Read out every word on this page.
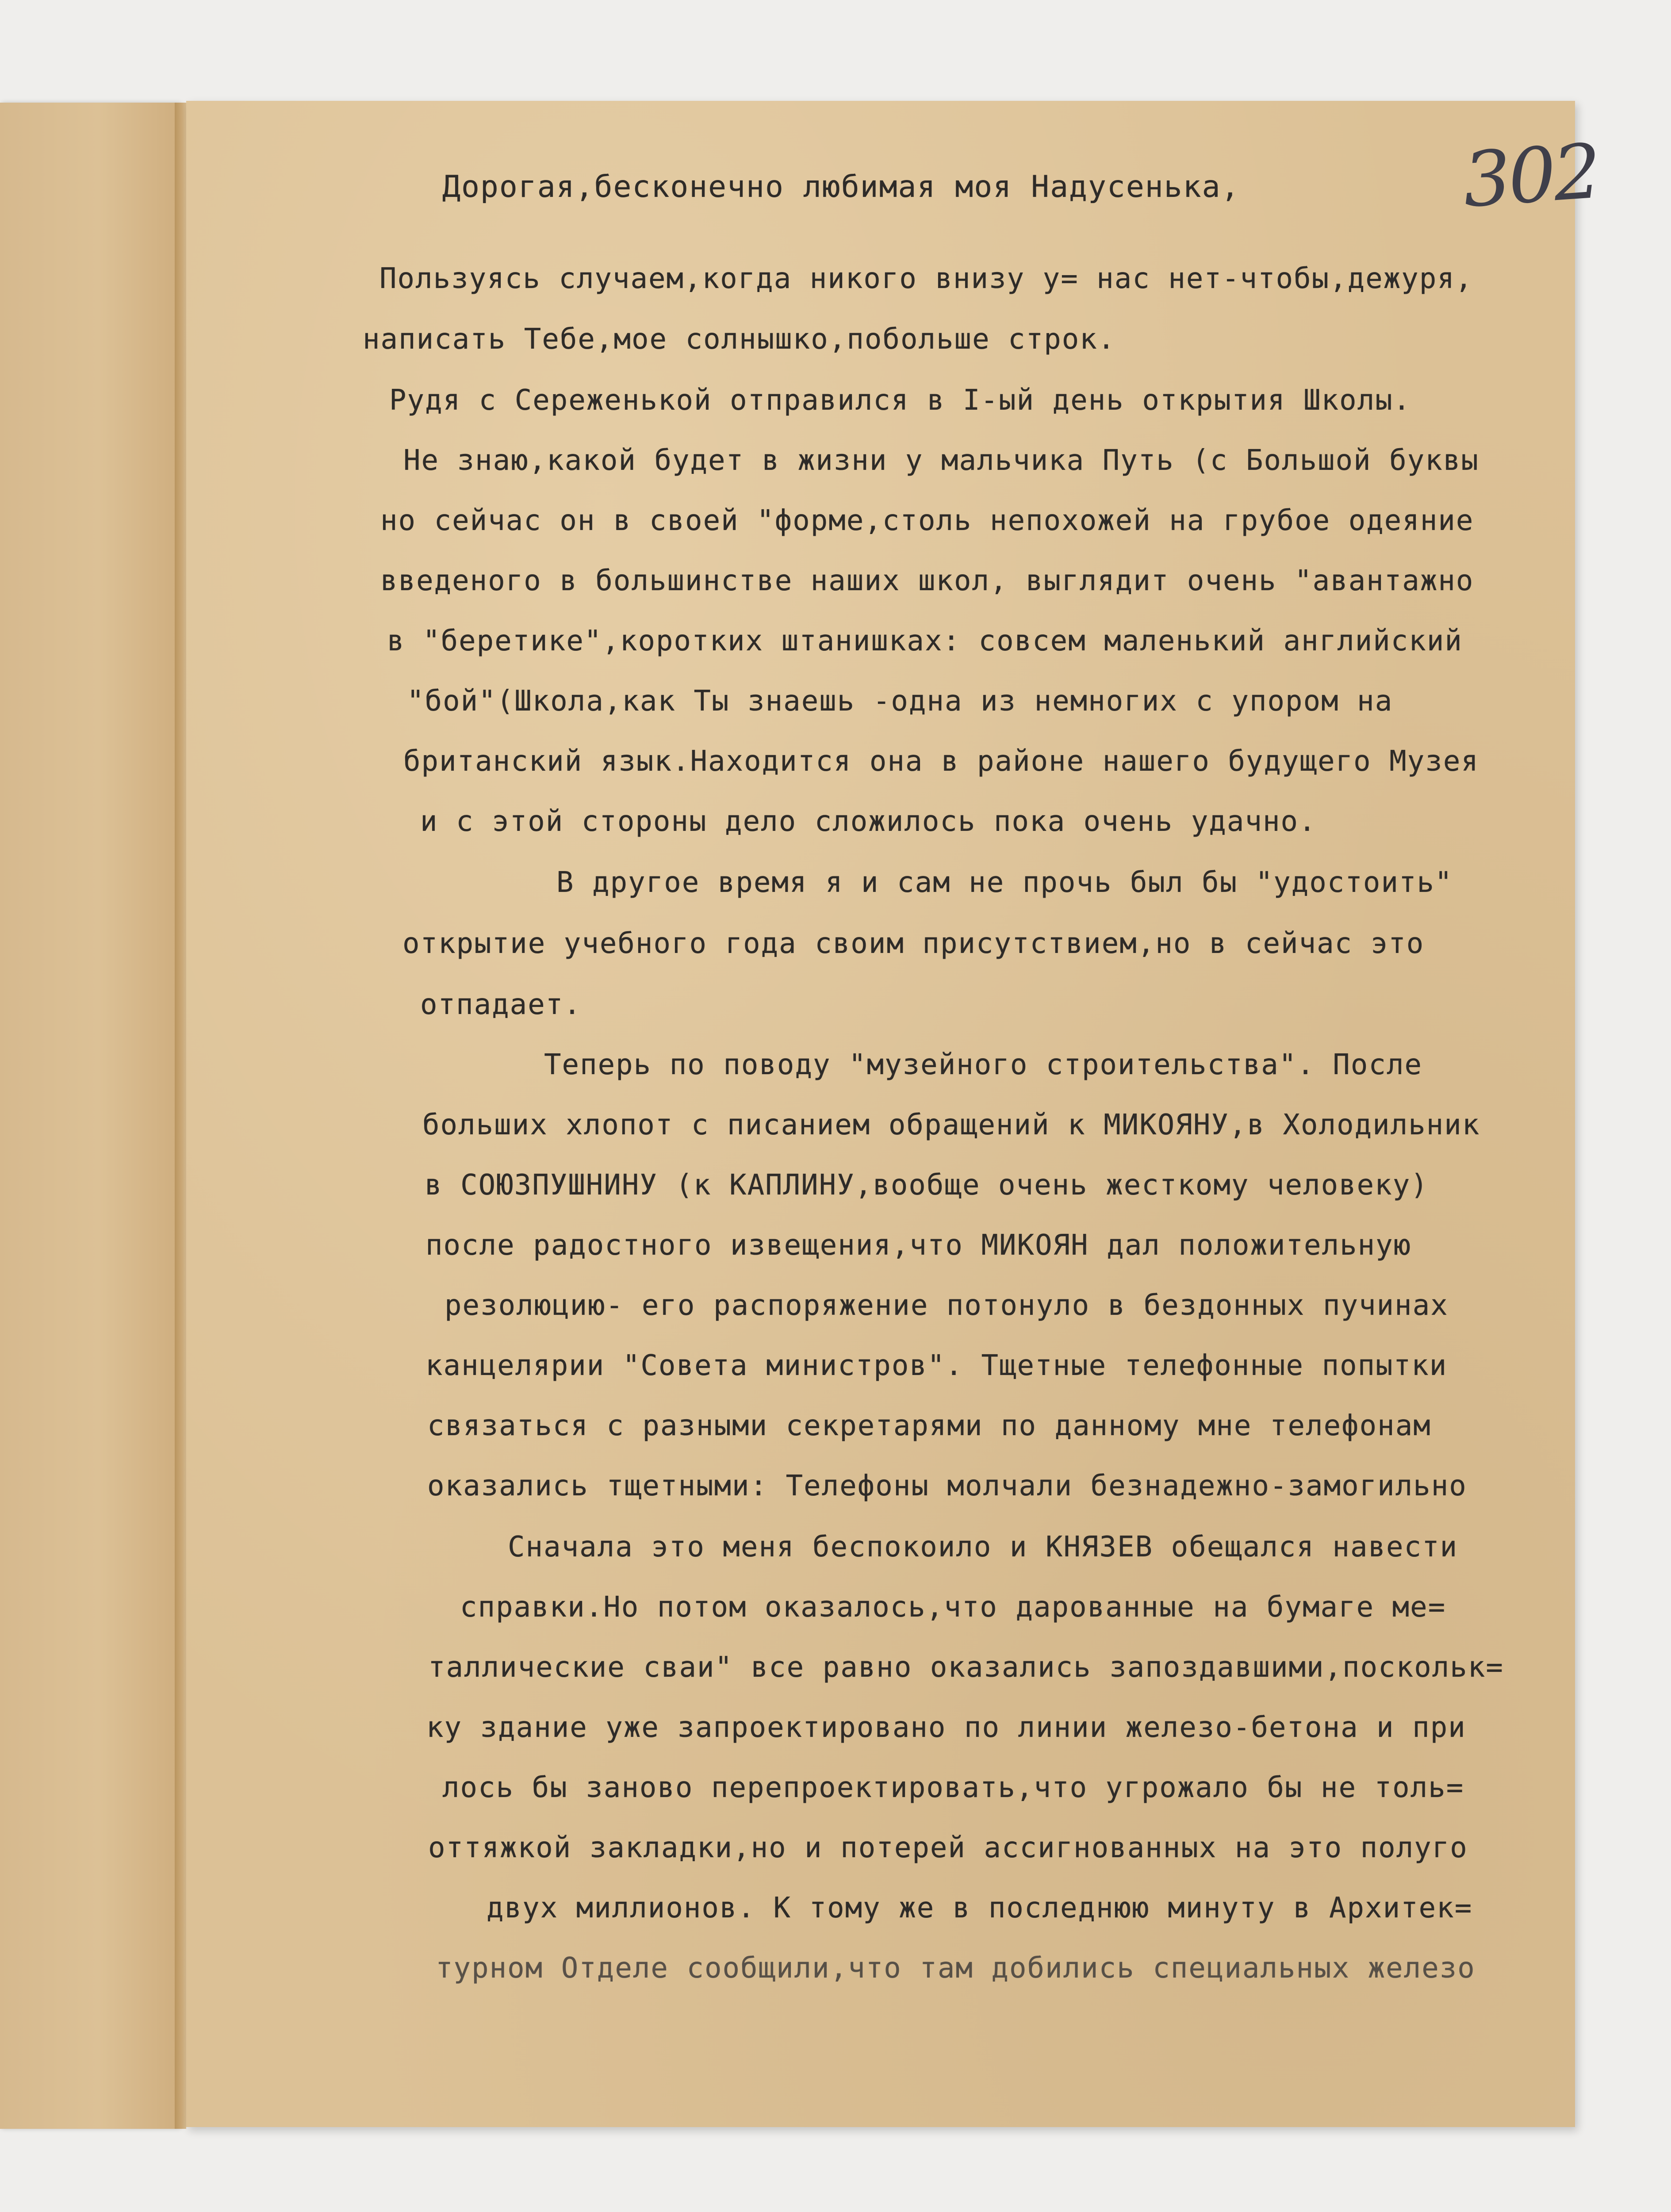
302
Дорогая,бесконечно любимая моя Надусенька,
Пользуясь случаем,когда никого внизу у= нас нет-чтобы,дежуря,
написать Тебе,мое солнышко,побольше строк.
Рудя с Сереженькой отправился в I-ый день открытия Школы.
Не знаю,какой будет в жизни у мальчика Путь (с Большой буквы
но сейчас он в своей "форме,столь непохожей на грубое одеяние
введеного в большинстве наших школ, выглядит очень "авантажно
в "беретике",коротких штанишках: совсем маленький английский
"бой"(Школа,как Ты знаешь -одна из немногих с упором на
британский язык.Находится она в районе нашего будущего Музея
и с этой стороны дело сложилось пока очень удачно.
В другое время я и сам не прочь был бы "удостоить"
открытие учебного года своим присутствием,но в сейчас это
отпадает.
Теперь по поводу "музейного строительства". После
больших хлопот с писанием обращений к МИКОЯНУ,в Холодильник
в СОЮЗПУШНИНУ (к КАПЛИНУ,вообще очень жесткому человеку)
после радостного извещения,что МИКОЯН дал положительную
резолюцию- его распоряжение потонуло в бездонных пучинах
канцелярии "Совета министров". Тщетные телефонные попытки
связаться с разными секретарями по данному мне телефонам
оказались тщетными: Телефоны молчали безнадежно-замогильно
Сначала это меня беспокоило и КНЯЗЕВ обещался навести
справки.Но потом оказалось,что дарованные на бумаге ме=
таллические сваи" все равно оказались запоздавшими,поскольк=
ку здание уже запроектировано по линии железо-бетона и при
лось бы заново перепроектировать,что угрожало бы не толь=
оттяжкой закладки,но и потерей ассигнованных на это полуго
двух миллионов. К тому же в последнюю минуту в Архитек=
турном Отделе сообщили,что там добились специальных железо
